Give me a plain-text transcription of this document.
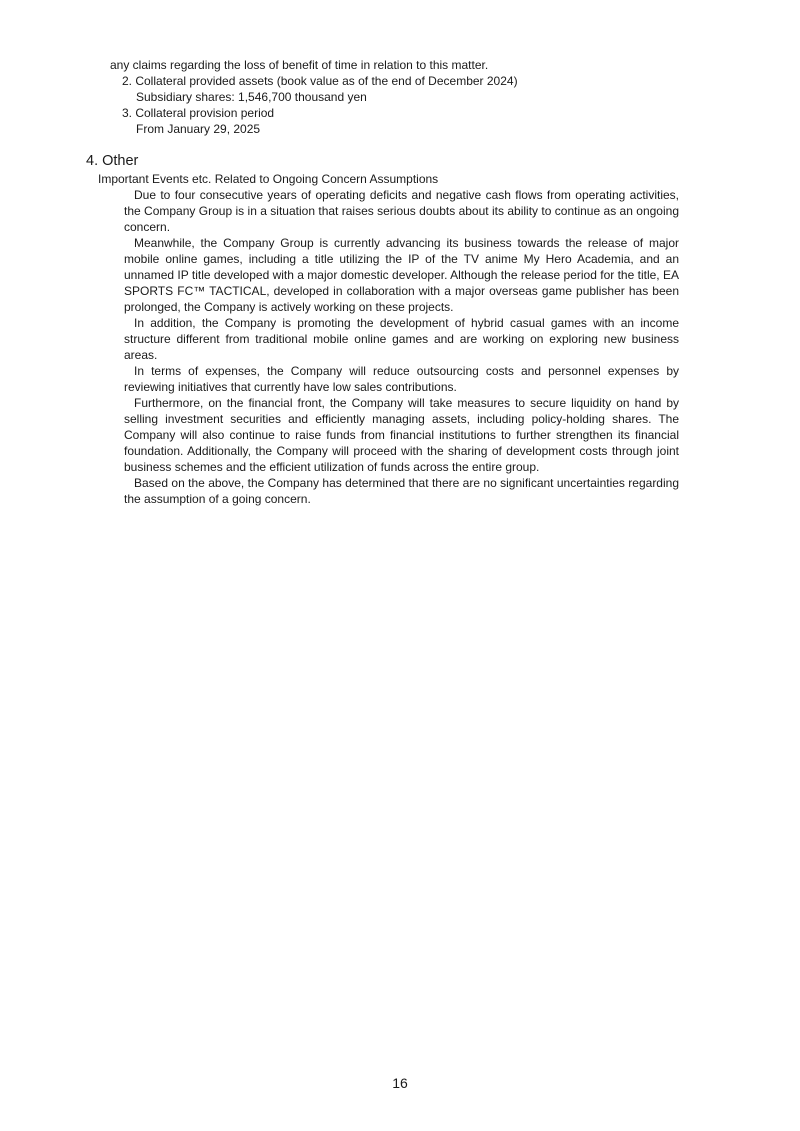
any claims regarding the loss of benefit of time in relation to this matter.
2. Collateral provided assets (book value as of the end of December 2024)
Subsidiary shares: 1,546,700 thousand yen
3. Collateral provision period
From January 29, 2025
4. Other
Important Events etc. Related to Ongoing Concern Assumptions

Due to four consecutive years of operating deficits and negative cash flows from operating activities, the Company Group is in a situation that raises serious doubts about its ability to continue as an ongoing concern.

Meanwhile, the Company Group is currently advancing its business towards the release of major mobile online games, including a title utilizing the IP of the TV anime My Hero Academia, and an unnamed IP title developed with a major domestic developer. Although the release period for the title, EA SPORTS FC™ TACTICAL, developed in collaboration with a major overseas game publisher has been prolonged, the Company is actively working on these projects.

In addition, the Company is promoting the development of hybrid casual games with an income structure different from traditional mobile online games and are working on exploring new business areas.

In terms of expenses, the Company will reduce outsourcing costs and personnel expenses by reviewing initiatives that currently have low sales contributions.

Furthermore, on the financial front, the Company will take measures to secure liquidity on hand by selling investment securities and efficiently managing assets, including policy-holding shares. The Company will also continue to raise funds from financial institutions to further strengthen its financial foundation. Additionally, the Company will proceed with the sharing of development costs through joint business schemes and the efficient utilization of funds across the entire group.

Based on the above, the Company has determined that there are no significant uncertainties regarding the assumption of a going concern.

16
